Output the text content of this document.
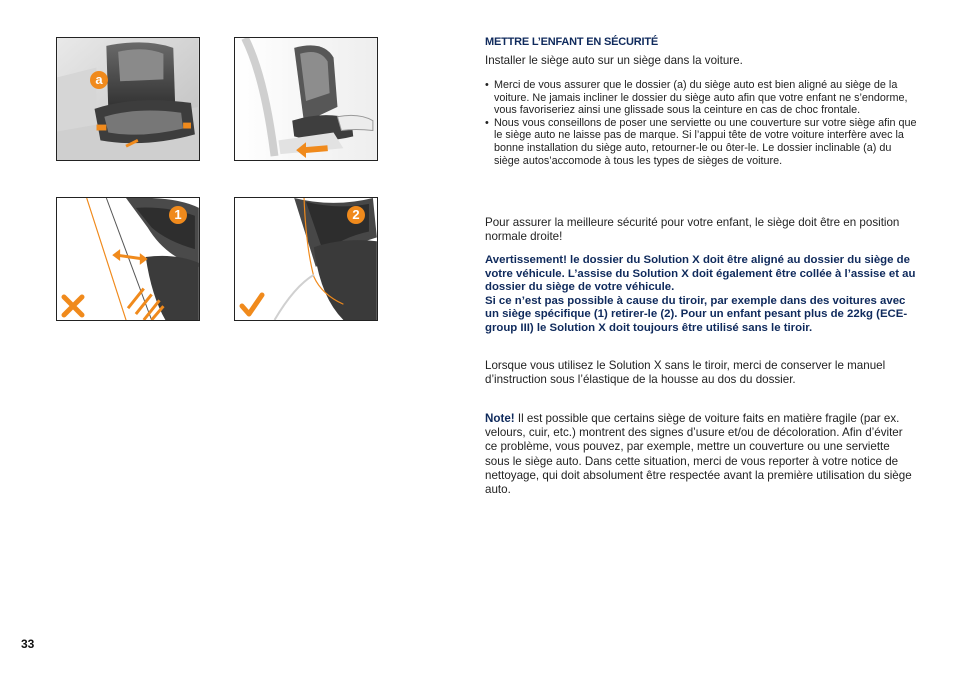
a
1	2
METTRE L’ENFANT EN SÉCURITÉ
Installer le siège auto sur un siège dans la voiture.
• Merci de vous assurer que le dossier (a) du siège auto est bien aligné au siège de la voiture. Ne jamais incliner le dossier du siège auto afin que votre enfant ne s’endorme, vous favoriseriez ainsi une glissade sous la ceinture en cas de choc frontale.
• Nous vous conseillons de poser une serviette ou une couverture sur votre siège afin que le siège auto ne laisse pas de marque. Si l’appui tête de votre voiture interfère avec la bonne installation du siège auto, retourner-le ou ôter-le. Le dossier inclinable (a) du siège autos’accomode à tous les types de sièges de voiture.
Pour assurer la meilleure sécurité pour votre enfant, le siège doit être en position normale droite!
Avertissement! le dossier du Solution X doit être aligné au dossier du siège de votre véhicule. L’assise du Solution X doit également être collée à l’assise et au dossier du siège de votre véhicule.
Si ce n’est pas possible à cause du tiroir, par exemple dans des voitures avec un siège spécifique (1) retirer-le (2). Pour un enfant pesant plus de 22kg (ECE-group III) le Solution X doit toujours être utilisé sans le tiroir.
Lorsque vous utilisez le Solution X sans le tiroir, merci de conserver le manuel d’instruction sous l’élastique de la housse au dos du dossier.
Note! Il est possible que certains siège de voiture faits en matière fragile (par ex. velours, cuir, etc.) montrent des signes d’usure et/ou de décoloration. Afin d’éviter ce problème, vous pouvez, par exemple, mettre un couverture ou une serviette sous le siège auto. Dans cette situation, merci de vous reporter à votre notice de nettoyage, qui doit absolument être respectée avant la première utilisation du siège auto.
33
